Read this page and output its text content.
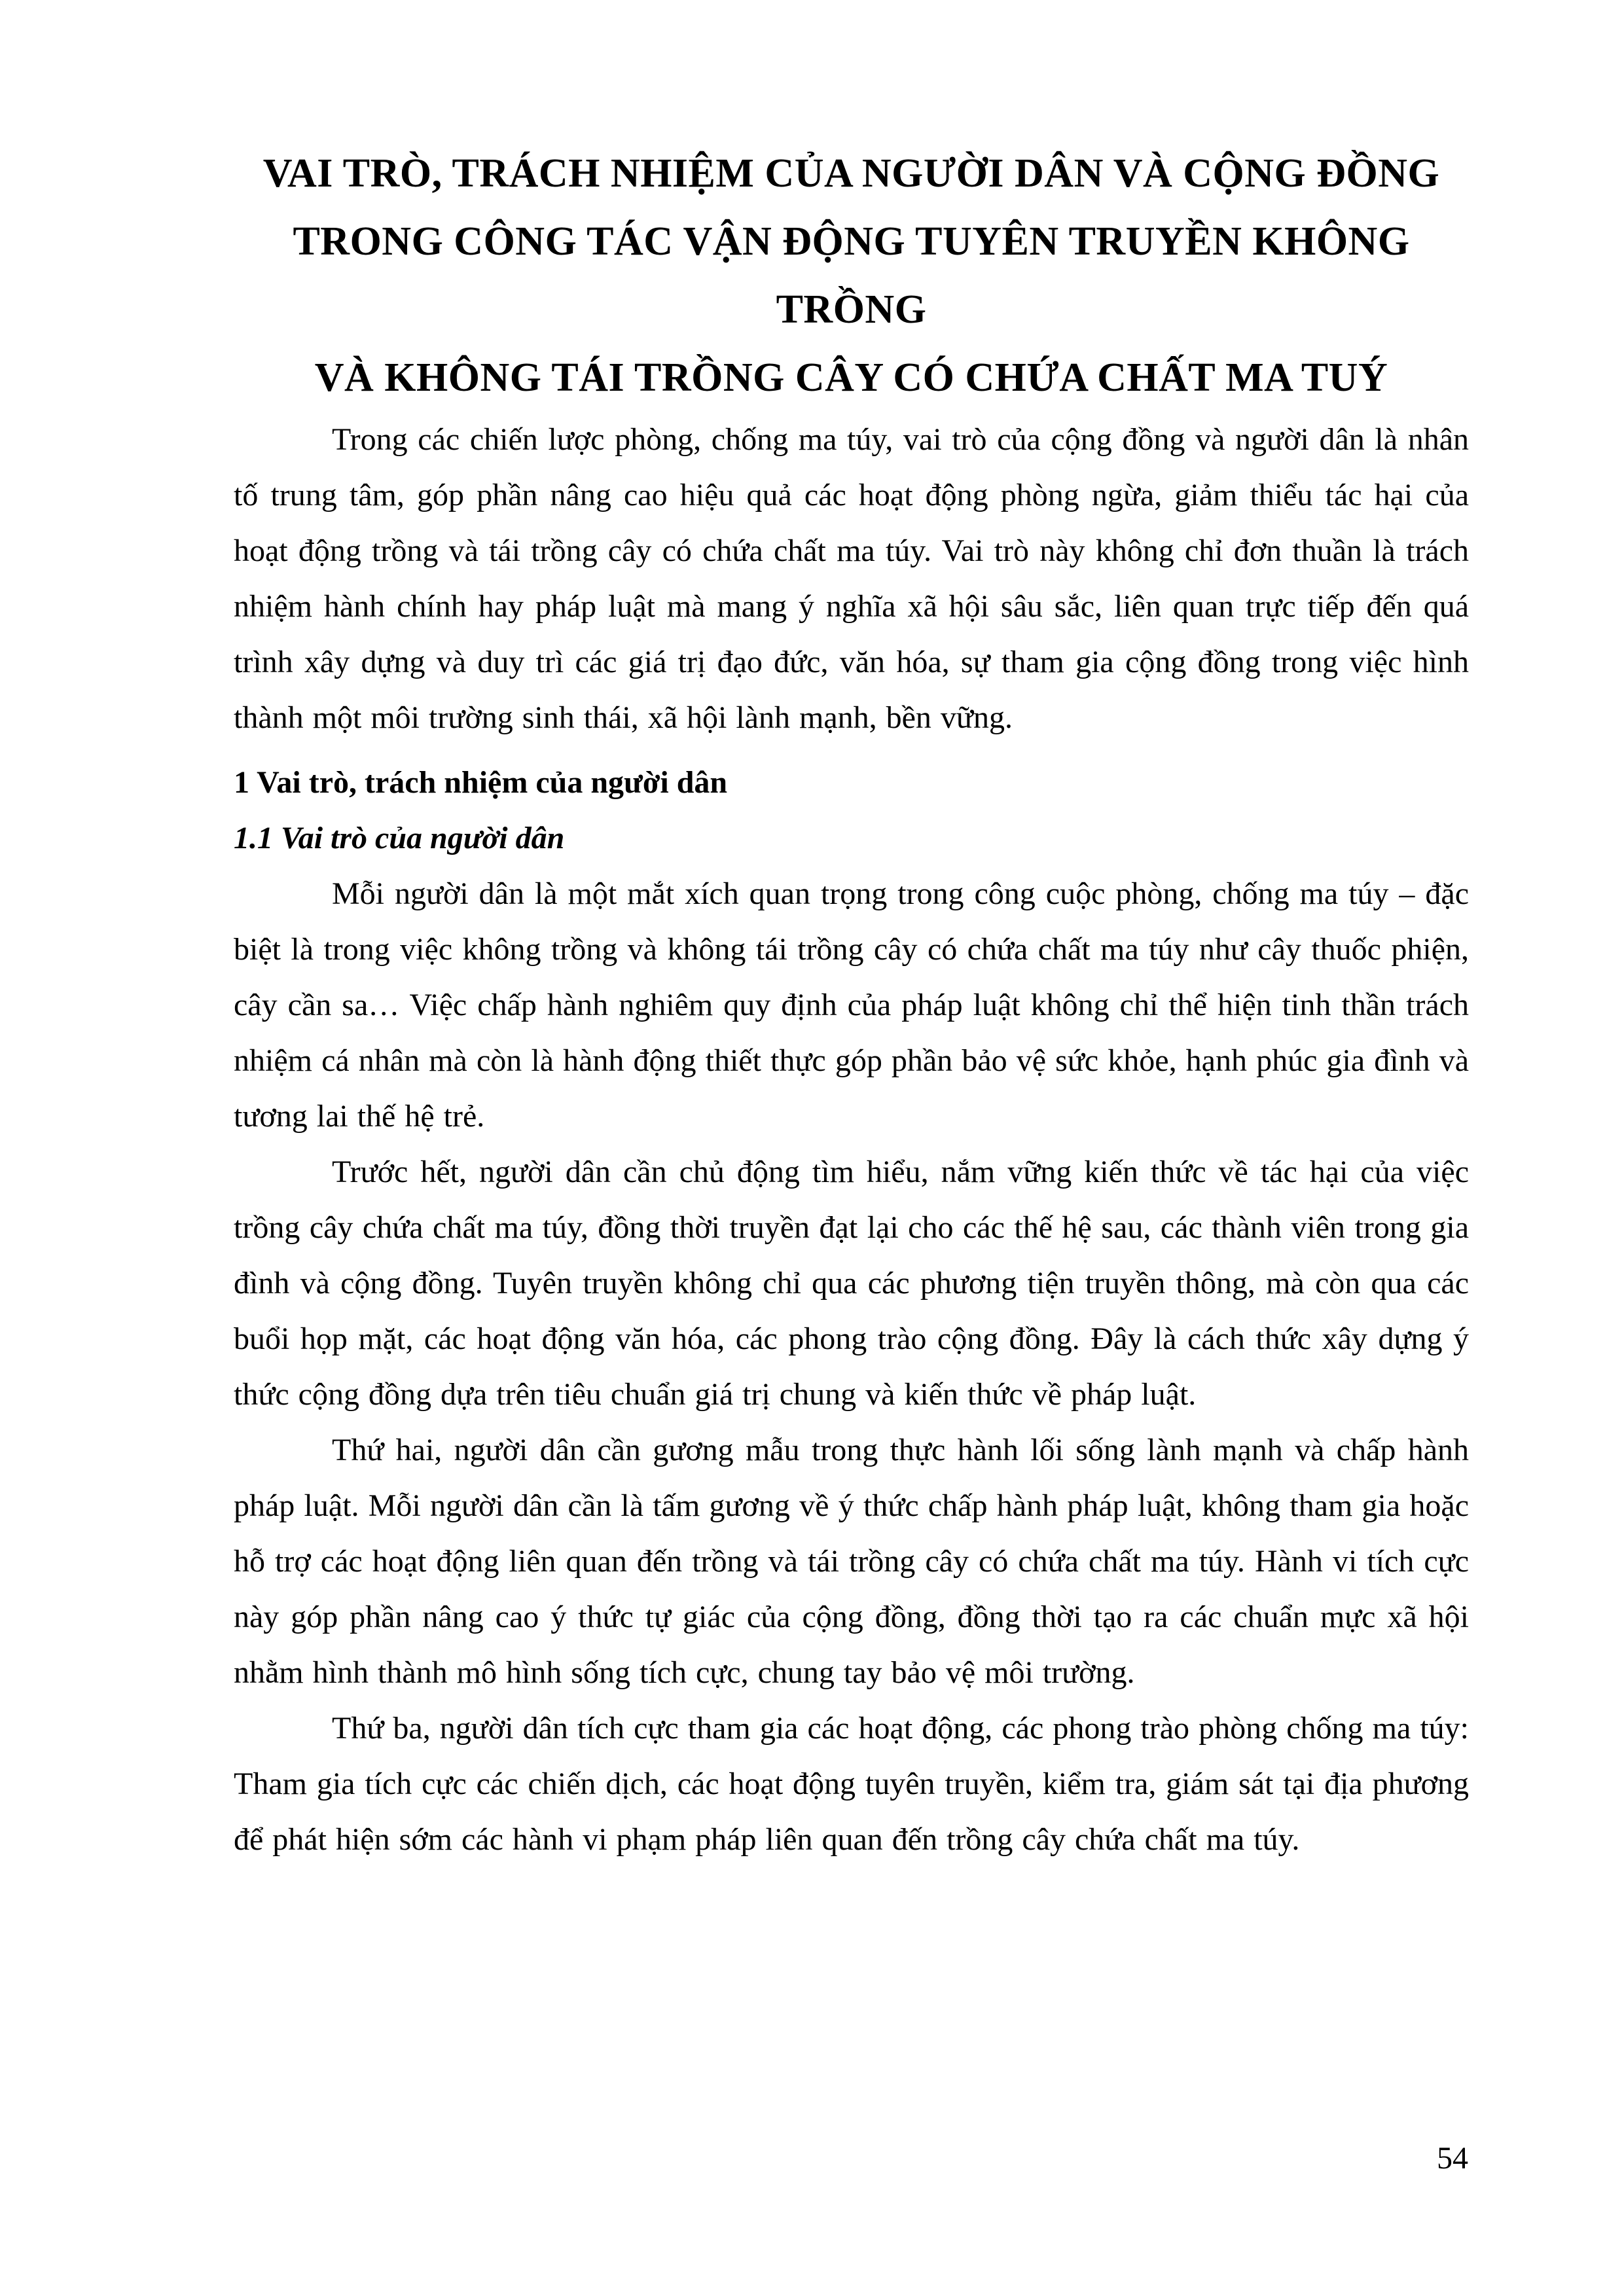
VAI TRÒ, TRÁCH NHIỆM CỦA NGƯỜI DÂN VÀ CỘNG ĐỒNG
TRONG CÔNG TÁC VẬN ĐỘNG TUYÊN TRUYỀN KHÔNG TRỒNG
VÀ KHÔNG TÁI TRỒNG CÂY CÓ CHỨA CHẤT MA TUÝ

Trong các chiến lược phòng, chống ma túy, vai trò của cộng đồng và người dân là nhân tố trung tâm, góp phần nâng cao hiệu quả các hoạt động phòng ngừa, giảm thiểu tác hại của hoạt động trồng và tái trồng cây có chứa chất ma túy. Vai trò này không chỉ đơn thuần là trách nhiệm hành chính hay pháp luật mà mang ý nghĩa xã hội sâu sắc, liên quan trực tiếp đến quá trình xây dựng và duy trì các giá trị đạo đức, văn hóa, sự tham gia cộng đồng trong việc hình thành một môi trường sinh thái, xã hội lành mạnh, bền vững.

1 Vai trò, trách nhiệm của người dân
1.1 Vai trò của người dân

Mỗi người dân là một mắt xích quan trọng trong công cuộc phòng, chống ma túy – đặc biệt là trong việc không trồng và không tái trồng cây có chứa chất ma túy như cây thuốc phiện, cây cần sa… Việc chấp hành nghiêm quy định của pháp luật không chỉ thể hiện tinh thần trách nhiệm cá nhân mà còn là hành động thiết thực góp phần bảo vệ sức khỏe, hạnh phúc gia đình và tương lai thế hệ trẻ.

Trước hết, người dân cần chủ động tìm hiểu, nắm vững kiến thức về tác hại của việc trồng cây chứa chất ma túy, đồng thời truyền đạt lại cho các thế hệ sau, các thành viên trong gia đình và cộng đồng. Tuyên truyền không chỉ qua các phương tiện truyền thông, mà còn qua các buổi họp mặt, các hoạt động văn hóa, các phong trào cộng đồng. Đây là cách thức xây dựng ý thức cộng đồng dựa trên tiêu chuẩn giá trị chung và kiến thức về pháp luật.

Thứ hai, người dân cần gương mẫu trong thực hành lối sống lành mạnh và chấp hành pháp luật. Mỗi người dân cần là tấm gương về ý thức chấp hành pháp luật, không tham gia hoặc hỗ trợ các hoạt động liên quan đến trồng và tái trồng cây có chứa chất ma túy. Hành vi tích cực này góp phần nâng cao ý thức tự giác của cộng đồng, đồng thời tạo ra các chuẩn mực xã hội nhằm hình thành mô hình sống tích cực, chung tay bảo vệ môi trường.

Thứ ba, người dân tích cực tham gia các hoạt động, các phong trào phòng chống ma túy: Tham gia tích cực các chiến dịch, các hoạt động tuyên truyền, kiểm tra, giám sát tại địa phương để phát hiện sớm các hành vi phạm pháp liên quan đến trồng cây chứa chất ma túy.

54
